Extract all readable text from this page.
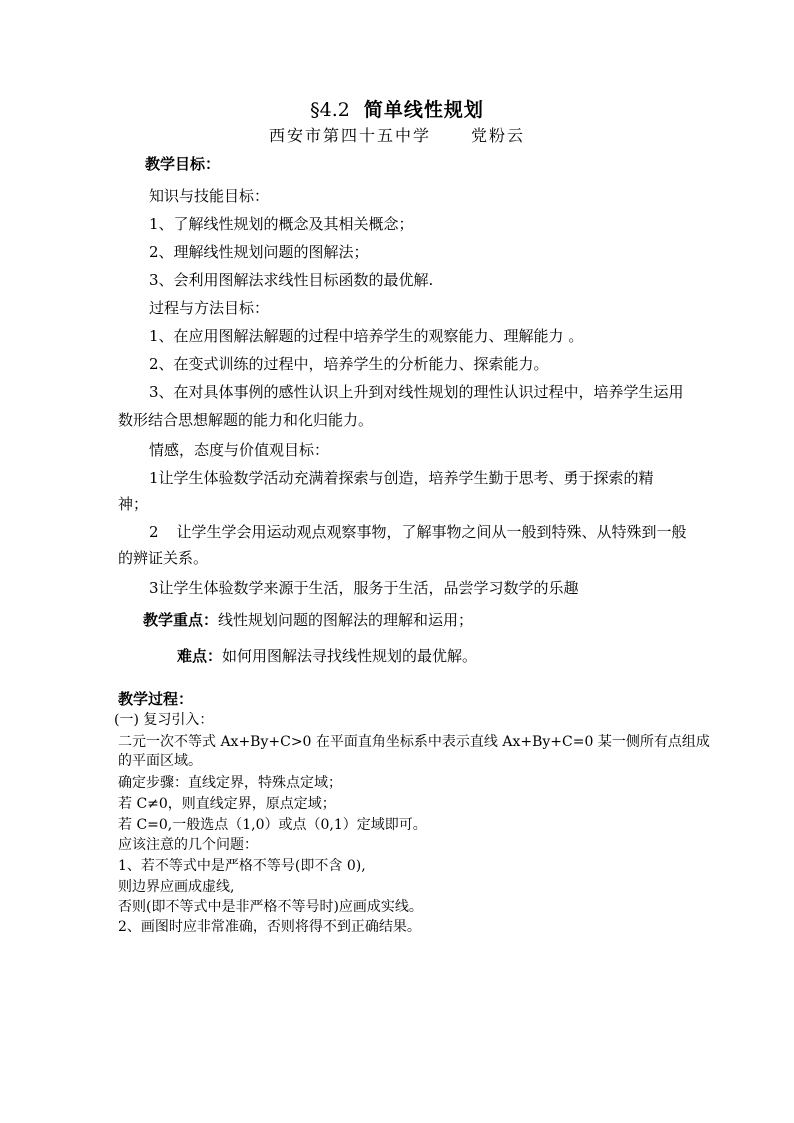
§4.2 简单线性规划
西安市第四十五中学	党粉云
教学目标：
知识与技能目标：
1、了解线性规划的概念及其相关概念；
2、理解线性规划问题的图解法；
3、会利用图解法求线性目标函数的最优解.
过程与方法目标：
1、在应用图解法解题的过程中培养学生的观察能力、理解能力 。
2、在变式训练的过程中，培养学生的分析能力、探索能力。
3、在对具体事例的感性认识上升到对线性规划的理性认识过程中，培养学生运用
数形结合思想解题的能力和化归能力。
情感，态度与价值观目标：
1让学生体验数学活动充满着探索与创造，培养学生勤于思考、勇于探索的精
神；
2 让学生学会用运动观点观察事物，了解事物之间从一般到特殊、从特殊到一般
的辨证关系。
3让学生体验数学来源于生活，服务于生活，品尝学习数学的乐趣
教学重点：线性规划问题的图解法的理解和运用；
难点：如何用图解法寻找线性规划的最优解。
教学过程：
(一) 复习引入：
二元一次不等式 Ax+By+C>0 在平面直角坐标系中表示直线 Ax+By+C=0 某一侧所有点组成
的平面区域。
确定步骤：直线定界，特殊点定域；
若 C≠0，则直线定界，原点定域；
若 C=0,一般选点（1,0）或点（0,1）定域即可。
应该注意的几个问题：
1、若不等式中是严格不等号(即不含 0),
则边界应画成虚线,
否则(即不等式中是非严格不等号时)应画成实线。
2、画图时应非常准确，否则将得不到正确结果。
